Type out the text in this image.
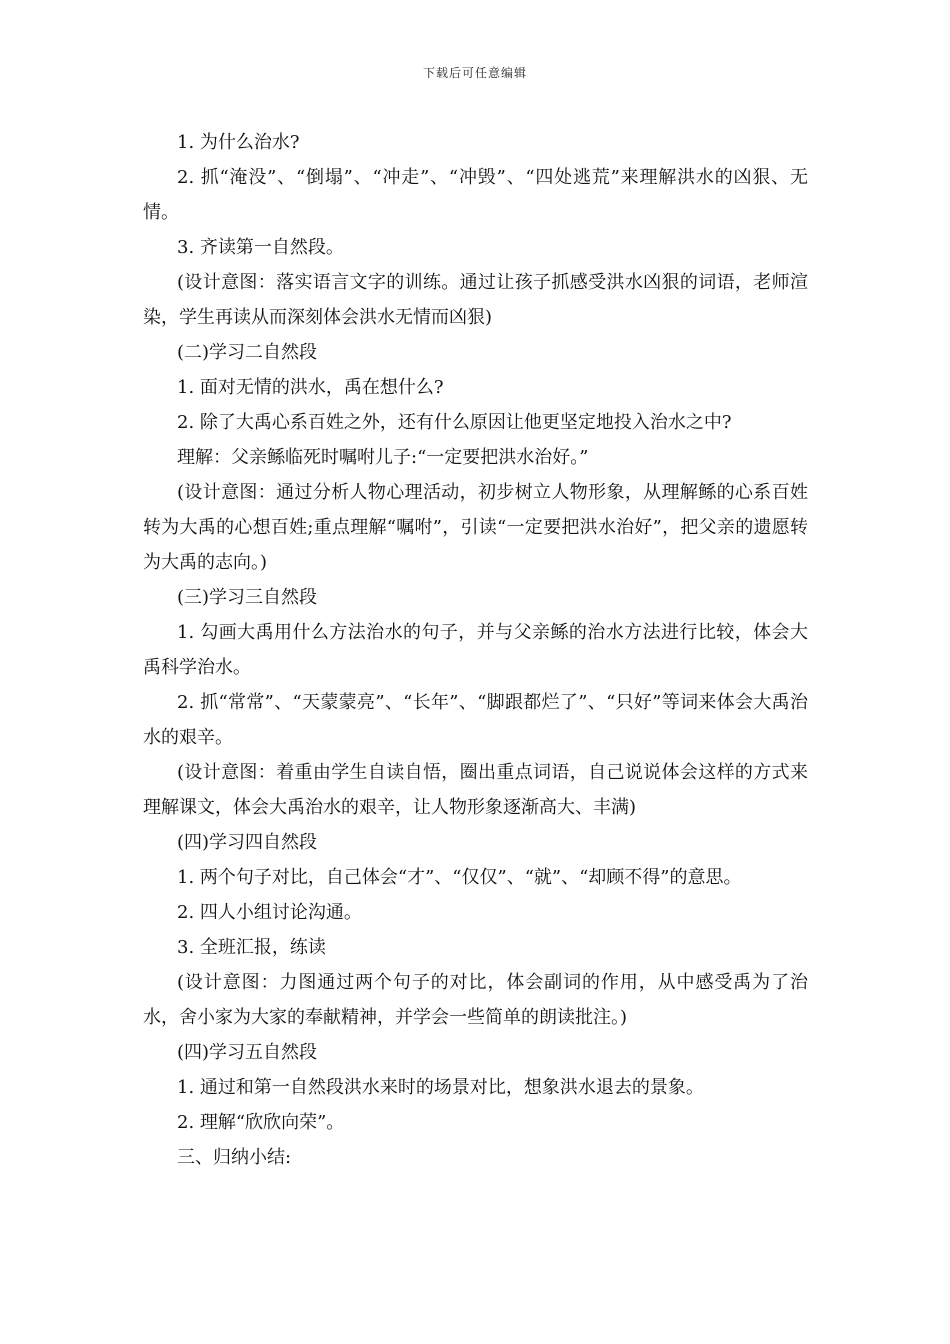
下载后可任意编辑

1. 为什么治水?

2. 抓“淹没”、“倒塌”、“冲走”、“冲毁”、“四处逃荒”来理解洪水的凶狠、无情。

3. 齐读第一自然段。

(设计意图：落实语言文字的训练。通过让孩子抓感受洪水凶狠的词语，老师渲染，学生再读从而深刻体会洪水无情而凶狠)

(二)学习二自然段

1. 面对无情的洪水，禹在想什么?

2. 除了大禹心系百姓之外，还有什么原因让他更坚定地投入治水之中?

理解：父亲鲧临死时嘱咐儿子:“一定要把洪水治好。”

(设计意图：通过分析人物心理活动，初步树立人物形象，从理解鲧的心系百姓转为大禹的心想百姓;重点理解“嘱咐”，引读“一定要把洪水治好”，把父亲的遗愿转为大禹的志向。)

(三)学习三自然段

1. 勾画大禹用什么方法治水的句子，并与父亲鲧的治水方法进行比较，体会大禹科学治水。

2. 抓“常常”、“天蒙蒙亮”、“长年”、“脚跟都烂了”、“只好”等词来体会大禹治水的艰辛。

(设计意图：着重由学生自读自悟，圈出重点词语，自己说说体会这样的方式来理解课文，体会大禹治水的艰辛，让人物形象逐渐高大、丰满)

(四)学习四自然段

1. 两个句子对比，自己体会“才”、“仅仅”、“就”、“却顾不得”的意思。

2. 四人小组讨论沟通。

3. 全班汇报，练读

(设计意图：力图通过两个句子的对比，体会副词的作用，从中感受禹为了治水，舍小家为大家的奉献精神，并学会一些简单的朗读批注。)

(四)学习五自然段

1. 通过和第一自然段洪水来时的场景对比，想象洪水退去的景象。

2. 理解“欣欣向荣”。

三、归纳小结:
